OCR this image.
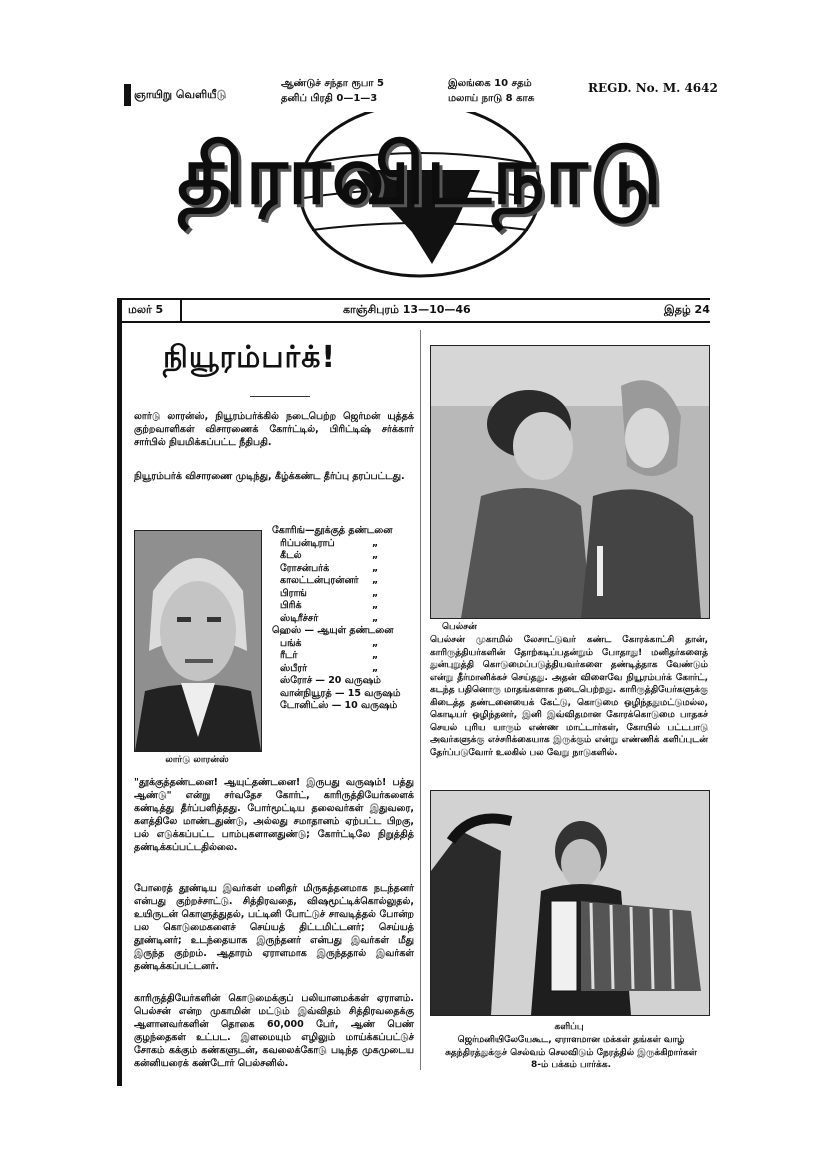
ஞாயிறு வெளியீடு
ஆண்டுச் சந்தா ரூபா 5
தனிப் பிரதி 0—1—3
இலங்கை 10 சதம்
மலாய் நாடு 8 காசு
REGD. No. M. 4642
திராவிடநாடு
மலர் 5	காஞ்சிபுரம் 13—10—46	இதழ் 24
நியூரம்பர்க்!
லார்டு லாரன்ஸ், நியூரம்பர்க்கில் நடைபெற்ற ஜெர்மன் யுத்தக் குற்றவாளிகள் விசாரணைக் கோர்ட்டில், பிரிட்டிஷ் சர்க்கார் சார்பில் நியமிக்கப்பட்ட நீதிபதி.
நியூரம்பர்க் விசாரணை முடிந்து, கீழ்க்கண்ட தீர்ப்பு தரப்பட்டது.
லார்டு லாரன்ஸ்
கோரிங்—தூக்குத் தண்டனை
ரிப்பன்டிராப்	„
கீடல்	„
ரோசன்பர்க்	„
காலட்டன்புரன்னர்	„
பிராங்	„
பிரிக்	„
ஸ்டிரீச்சர்	„
ஹெஸ் — ஆயுள் தண்டனை
பங்க்	„
ரீடர்	„
ஸ்பீரர்	„
ஸ்ரோச் — 20 வருஷம்
வான்நியூரத் — 15 வருஷம்
டோனிட்ஸ் — 10 வருஷம்
"தூக்குத்தண்டனை! ஆயுட்தண்டனை! இருபது வருஷம்! பத்து ஆண்டு" என்று சர்வதேச கோர்ட், காரிருத்தியேர்களைக் கண்டித்து தீர்ப்பளித்தது. போர்மூட்டிய தலைவர்கள் இதுவரை, களத்திலே மாண்டதுண்டு, அல்லது சமாதானம் ஏற்பட்ட பிறகு, பல் எடுக்கப்பட்ட பாம்புகளானதுண்டு; கோர்ட்டிலே நிறுத்தித் தண்டிக்கப்பட்டதில்லை.
போரைத் தூண்டிய இவர்கள் மனிதர் மிருகத்தனமாக நடந்தனர் என்பது குற்றச்சாட்டு. சித்திரவதை, விஷமூட்டிக்கொல்லுதல், உயிருடன் கொளுத்துதல், பட்டினி போட்டுச் சாவடித்தல் போன்ற பல கொடுமைகளைச் செய்யத் திட்டமிட்டனர்; செய்யத் தூண்டினர்; உடந்தையாக இருந்தனர் என்பது இவர்கள் மீது இருந்த குற்றம். ஆதாரம் ஏராளமாக இருந்ததால் இவர்கள் தண்டிக்கப்பட்டனர்.
காரிருத்தியேர்களின் கொடுமைக்குப் பலியானமக்கள் ஏராளம். பெல்சன் என்ற முகாமின் மட்டும் இவ்விதம் சித்திரவதைக்கு ஆளானவர்களின் தொகை 60,000 பேர், ஆண் பெண் குழந்தைகள் உட்பட. இளமையும் எழிலும் மாய்க்கப்பட்டுச் சோகம் கக்கும் கண்களுடன், கவலைக்கோடு படிந்த முகமுடைய கன்னியரைக் கண்டோர் பெல்சனில்.
பெல்சன்
பெல்சன் முகாமில் லேசாட்டுவர் கண்ட கோரக்காட்சி தான், காரிருத்தியர்களின் தோற்கடிப்பதன்றும் போதாது! மனிதர்களைத் துன்புறுத்தி கொடுமைப்படுத்தியவர்களை தண்டித்தாக வேண்டும் என்று தீர்மானிக்கச் செய்தது. அதன் விளைவே நியூரம்பர்க் கோர்ட், கடந்த பதினொரு மாதங்களாக நடைபெற்றது. காரிருத்தியேர்களுக்கு கிடைத்த தண்டனையைக் கேட்டு, கொடுமை ஒழிந்ததுமட்டுமல்ல, கொடியர் ஒழிந்தனர், இனி இவ்விதமான கோரக்கொடுமை பாதகச் செயல் புரிய யாரும் எண்ண மாட்டார்கள், கோயில் பட்டபாடு அவர்களுக்கு எச்சரிக்கையாக இருக்கும் என்று எண்ணிக் களிப்புடன் தேர்ப்படுவோர் உலகில் பல வேறு நாடுகளில்.
களிப்பு
ஜெர்மனியிலேயேகூட, ஏராளமான மக்கள் தங்கள் வாழ் சுதந்திரத்துக்குச் செல்வம் செலவிடும் நேரத்தில் இருக்கிறார்கள் 8-ம் பக்கம் பார்க்க.
